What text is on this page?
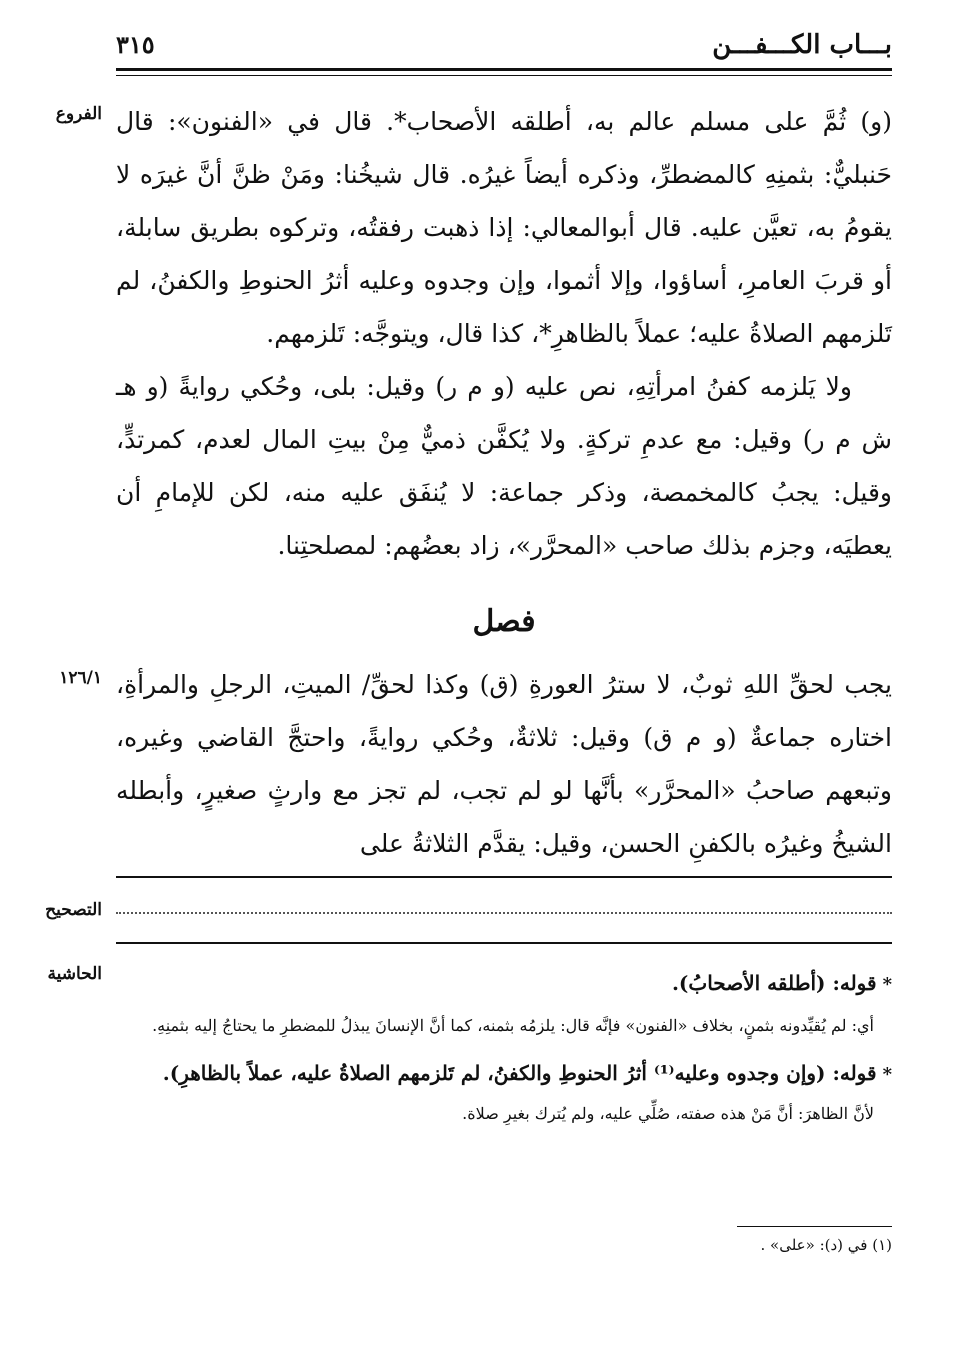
بـــاب الكـــفـــن
٣١٥
الفروع
١٢٦/١
التصحيح
الحاشية

(و) ثُمَّ على مسلم عالم به، أطلقه الأصحاب*. قال في «الفنون»: قال حَنبليٌّ: بثمنِهِ كالمضطرِّ، وذكره أيضاً غيرُه. قال شيخُنا: ومَنْ ظنَّ أنَّ غيرَه لا يقومُ به، تعيَّن عليه. قال أبوالمعالي: إذا ذهبت رفقتُه، وتركوه بطريق سابلة، أو قربَ العامرِ، أساؤوا، وإلا أثموا، وإن وجدوه وعليه أثرُ الحنوطِ والكفنُ، لم تَلزمهم الصلاةُ عليه؛ عملاً بالظاهرِ*، كذا قال، ويتوجَّه: تَلزمهم.

ولا يَلزمه كفنُ امرأتِهِ، نص عليه (و م ر) وقيل: بلى، وحُكي روايةً (و هـ ش م ر) وقيل: مع عدمِ تركةٍ. ولا يُكفَّن ذميٌّ مِنْ بيتِ المال لعدم، كمرتدٍّ، وقيل: يجبُ كالمخمصة، وذكر جماعة: لا يُنفَق عليه منه، لكن للإمامِ أن يعطيَه، وجزم بذلك صاحب «المحرَّر»، زاد بعضُهم: لمصلحتِنا.

فصل

يجب لحقِّ اللهِ ثوبٌ، لا سترُ العورةِ (ق) وكذا لحقِّ/ الميتِ، الرجلِ والمرأةِ، اختاره جماعةٌ (و م ق) وقيل: ثلاثةٌ، وحُكي روايةً، واحتجَّ القاضي وغيره، وتبعهم صاحبُ «المحرَّر» بأنَّها لو لم تجب، لم تجز مع وارثٍ صغيرٍ، وأبطله الشيخُ وغيرُه بالكفنِ الحسن، وقيل: يقدَّم الثلاثةُ على

*قوله: (أطلقه الأصحابُ).

أي: لم يُقيِّدونه بثمنٍ، بخلاف «الفنون» فإنَّه قال: يلزمُه بثمنه، كما أنَّ الإنسانَ يبذلُ للمضطرِ ما يحتاجُ إليه بثمنِهِ.

*قوله: (وإن وجدوه وعليه⁽¹⁾ أثرُ الحنوطِ والكفنُ، لم تَلزمهم الصلاةُ عليه، عملاً بالظاهرِ).

لأنَّ الظاهرَ: أنَّ مَنْ هذه صفته، صُلِّي عليه، ولم يُترك بغيرِ صلاة.

(١) في (د): «على» .
